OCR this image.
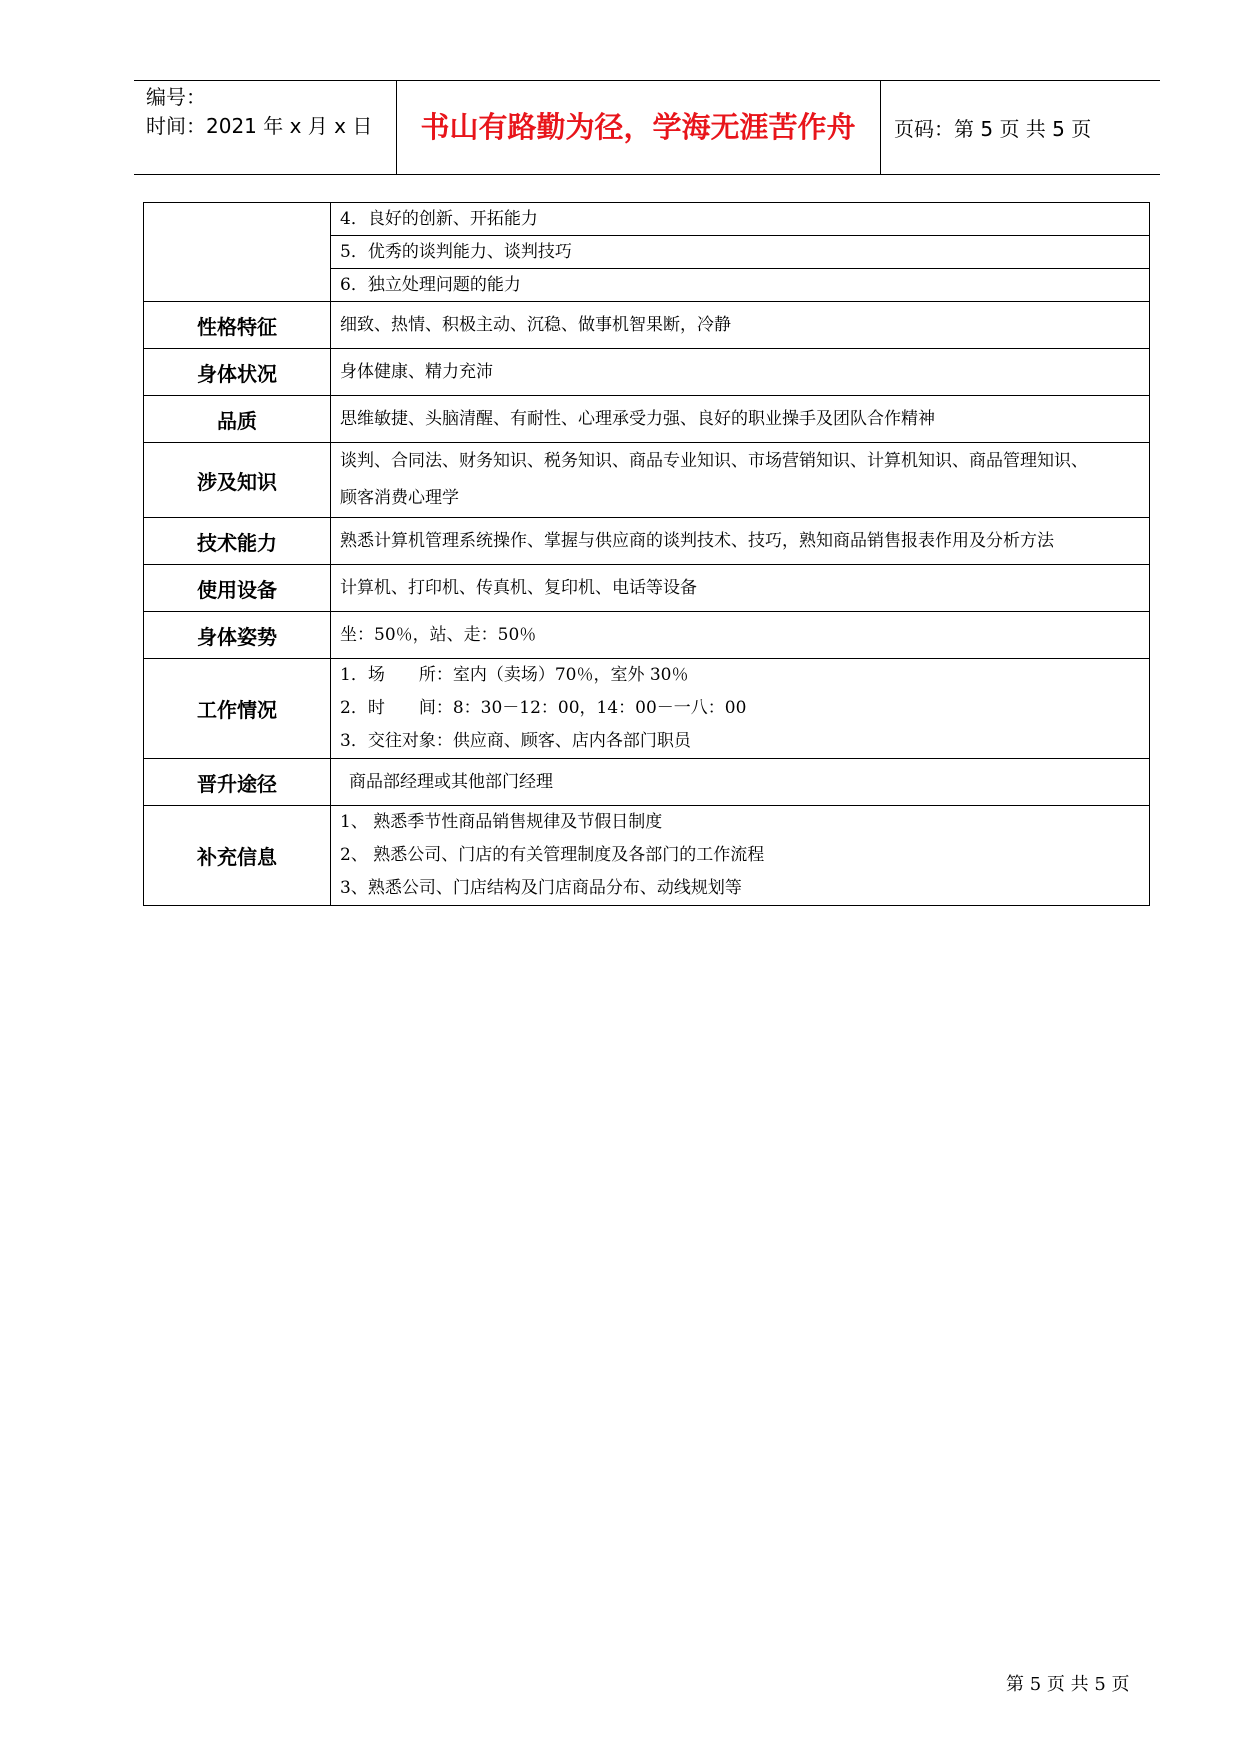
编号：
时间：2021 年 x 月 x 日	书山有路勤为径，学海无涯苦作舟	页码：第 5 页 共 5 页

	4．良好的创新、开拓能力
5．优秀的谈判能力、谈判技巧
6．独立处理问题的能力

性格特征	细致、热情、积极主动、沉稳、做事机智果断，冷静
身体状况	身体健康、精力充沛
品质	思维敏捷、头脑清醒、有耐性、心理承受力强、良好的职业操手及团队合作精神
涉及知识	谈判、合同法、财务知识、税务知识、商品专业知识、市场营销知识、计算机知识、商品管理知识、
顾客消费心理学

技术能力	熟悉计算机管理系统操作、掌握与供应商的谈判技术、技巧，熟知商品销售报表作用及分析方法
使用设备	计算机、打印机、传真机、复印机、电话等设备
身体姿势	坐：50％，站、走：50％
工作情况	1．场　　所：室内（卖场）70％，室外 30％
2．时　　间：8：30－12：00，14：00－一八：00
3．交往对象：供应商、顾客、店内各部门职员

晋升途径	商品部经理或其他部门经理
补充信息	1、 熟悉季节性商品销售规律及节假日制度
2、 熟悉公司、门店的有关管理制度及各部门的工作流程
3、熟悉公司、门店结构及门店商品分布、动线规划等
第 5 页 共 5 页
